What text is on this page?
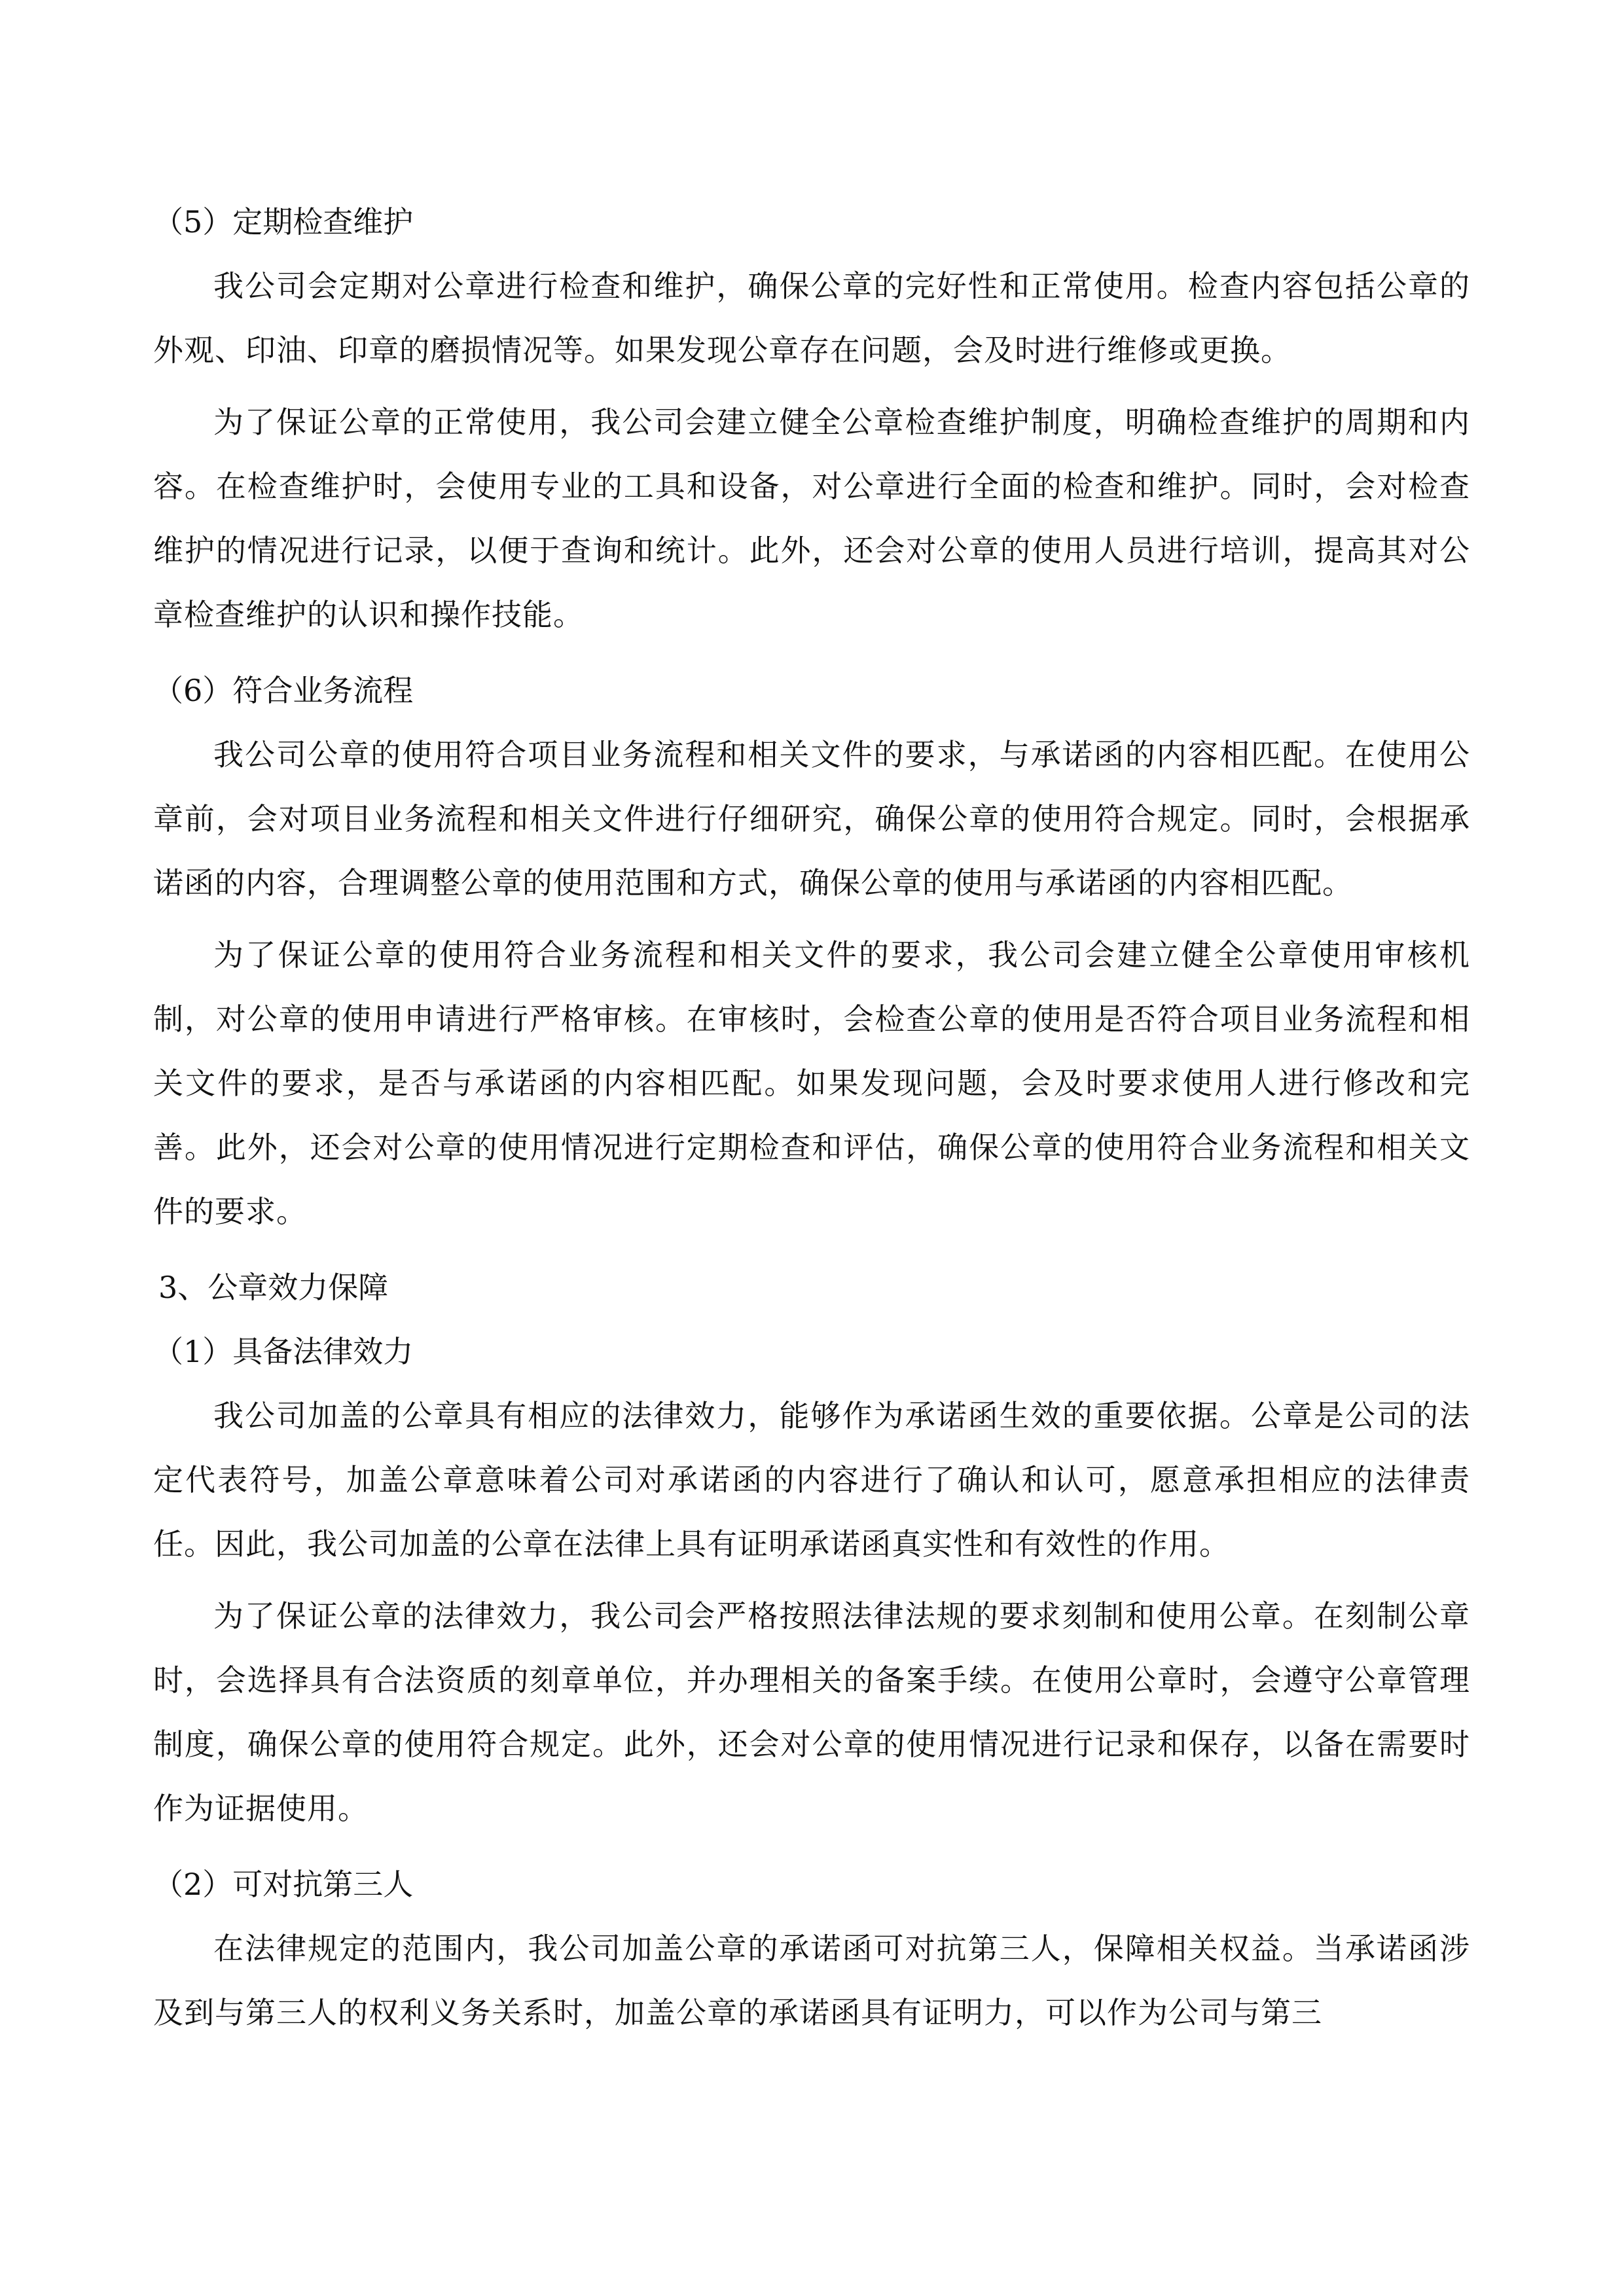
（5）定期检查维护

我公司会定期对公章进行检查和维护，确保公章的完好性和正常使用。检查内容包括公章的外观、印油、印章的磨损情况等。如果发现公章存在问题，会及时进行维修或更换。

为了保证公章的正常使用，我公司会建立健全公章检查维护制度，明确检查维护的周期和内容。在检查维护时，会使用专业的工具和设备，对公章进行全面的检查和维护。同时，会对检查维护的情况进行记录，以便于查询和统计。此外，还会对公章的使用人员进行培训，提高其对公章检查维护的认识和操作技能。

（6）符合业务流程

我公司公章的使用符合项目业务流程和相关文件的要求，与承诺函的内容相匹配。在使用公章前，会对项目业务流程和相关文件进行仔细研究，确保公章的使用符合规定。同时，会根据承诺函的内容，合理调整公章的使用范围和方式，确保公章的使用与承诺函的内容相匹配。

为了保证公章的使用符合业务流程和相关文件的要求，我公司会建立健全公章使用审核机制，对公章的使用申请进行严格审核。在审核时，会检查公章的使用是否符合项目业务流程和相关文件的要求，是否与承诺函的内容相匹配。如果发现问题，会及时要求使用人进行修改和完善。此外，还会对公章的使用情况进行定期检查和评估，确保公章的使用符合业务流程和相关文件的要求。

3、公章效力保障

（1）具备法律效力

我公司加盖的公章具有相应的法律效力，能够作为承诺函生效的重要依据。公章是公司的法定代表符号，加盖公章意味着公司对承诺函的内容进行了确认和认可，愿意承担相应的法律责任。因此，我公司加盖的公章在法律上具有证明承诺函真实性和有效性的作用。

为了保证公章的法律效力，我公司会严格按照法律法规的要求刻制和使用公章。在刻制公章时，会选择具有合法资质的刻章单位，并办理相关的备案手续。在使用公章时，会遵守公章管理制度，确保公章的使用符合规定。此外，还会对公章的使用情况进行记录和保存，以备在需要时作为证据使用。

（2）可对抗第三人

在法律规定的范围内，我公司加盖公章的承诺函可对抗第三人，保障相关权益。当承诺函涉及到与第三人的权利义务关系时，加盖公章的承诺函具有证明力，可以作为公司与第三
